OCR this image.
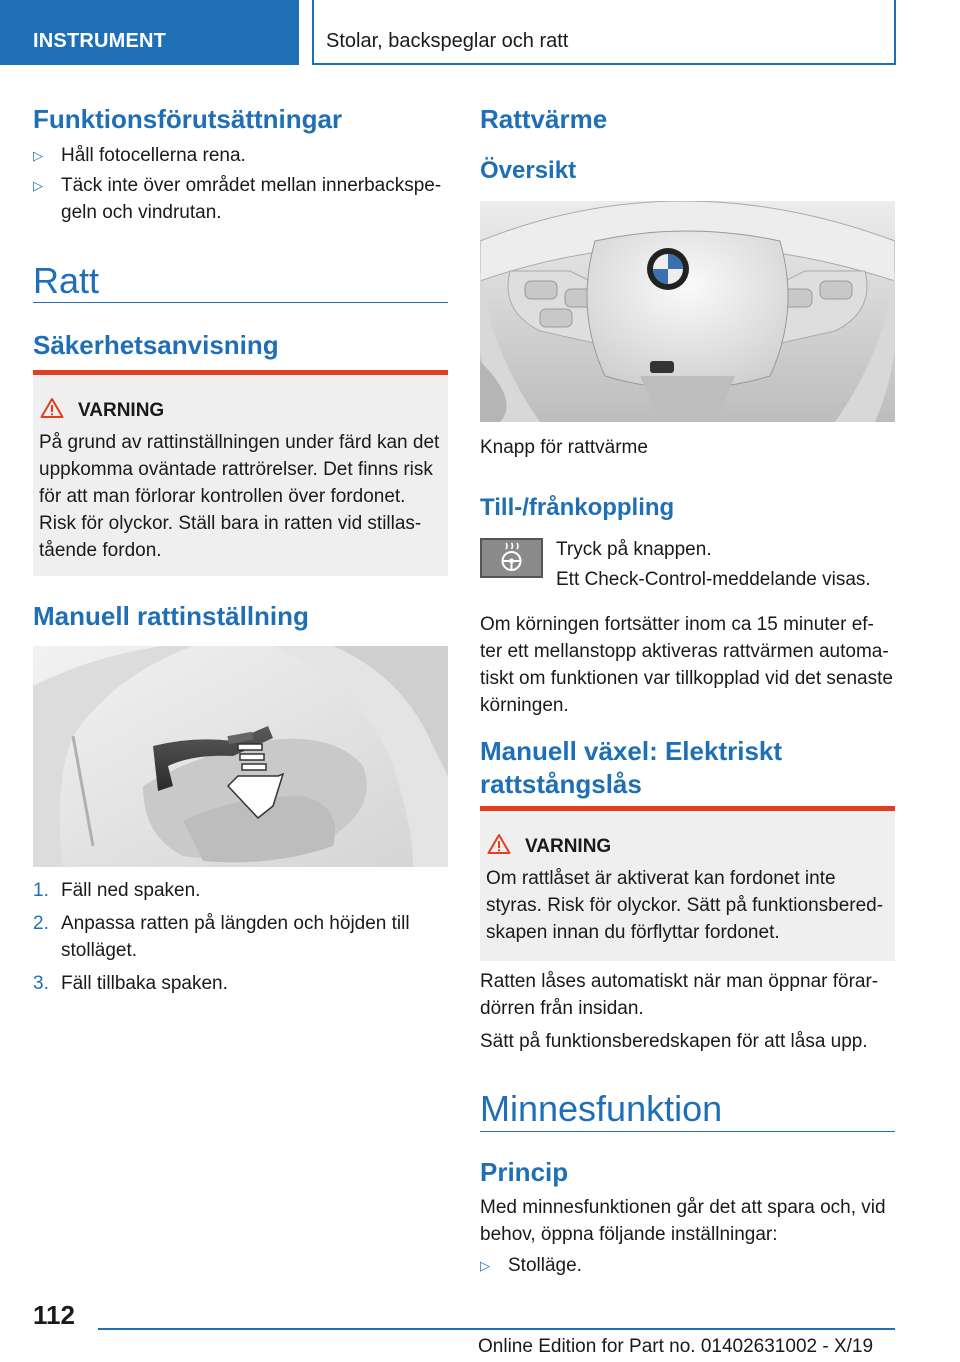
INSTRUMENT	Stolar, backspeglar och ratt
Funktionsförutsättningar
▷ Håll fotocellerna rena.
▷ Täck inte över området mellan innerbackspe-
geln och vindrutan.
Ratt
Säkerhetsanvisning
VARNING
På grund av rattinställningen under färd kan det
uppkomma oväntade rattrörelser. Det finns risk
för att man förlorar kontrollen över fordonet.
Risk för olyckor. Ställ bara in ratten vid stillas-
tående fordon.
Manuell rattinställning
1. Fäll ned spaken.
2. Anpassa ratten på längden och höjden till
stolläget.
3. Fäll tillbaka spaken.
Rattvärme
Översikt
Knapp för rattvärme
Till-/frånkoppling
Tryck på knappen.
Ett Check-Control-meddelande visas.
Om körningen fortsätter inom ca 15 minuter ef-
ter ett mellanstopp aktiveras rattvärmen automa-
tiskt om funktionen var tillkopplad vid det senaste
körningen.
Manuell växel: Elektriskt
rattstångslås
VARNING
Om rattlåset är aktiverat kan fordonet inte
styras. Risk för olyckor. Sätt på funktionsbered-
skapen innan du förflyttar fordonet.
Ratten låses automatiskt när man öppnar förar-
dörren från insidan.
Sätt på funktionsberedskapen för att låsa upp.
Minnesfunktion
Princip
Med minnesfunktionen går det att spara och, vid
behov, öppna följande inställningar:
▷ Stolläge.
112
Online Edition for Part no. 01402631002 - X/19
